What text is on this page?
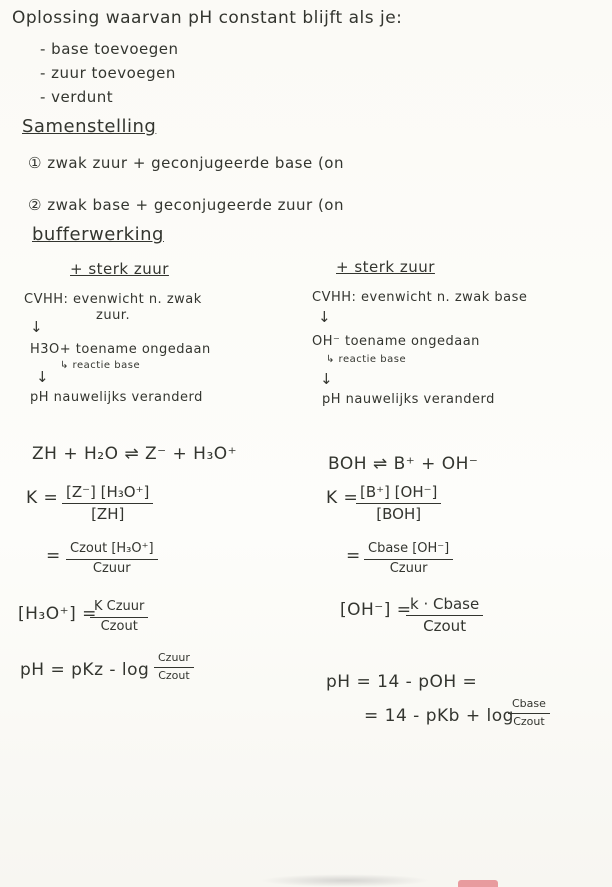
Oplossing waarvan pH constant blijft als je:
- base toevoegen
- zuur toevoegen
- verdunt
Samenstelling
① zwak zuur + geconjugeerde base (on
② zwak base + geconjugeerde zuur (on
bufferwerking
+ sterk zuur
CVHH: evenwicht n. zwak
zuur.
↓
H3O+ toename ongedaan
↳ reactie base
↓
pH nauwelijks veranderd
+ sterk zuur
CVHH: evenwicht n. zwak base
↓
OH⁻ toename ongedaan
↳ reactie base
↓
pH nauwelijks veranderd
ZH + H₂O ⇌ Z⁻ + H₃O⁺
$K = \frac{\text{[Z⁻] [H₃O⁺]}}{[ZH]}$
= Czout [H₃O⁺]
Czuur
[H₃O⁺] =
K Czuur
Czout
pH = pKz - log
Czuur
Czout
BOH ⇌ B⁺ + OH⁻
K = [B⁺] [OH⁻]
[BOH]
= Cbase [OH⁻]
Czuur
[OH⁻] =
k · Cbase
Czout
pH = 14 - pOH =
= 14 - pKb + log
Cbase
Czout
